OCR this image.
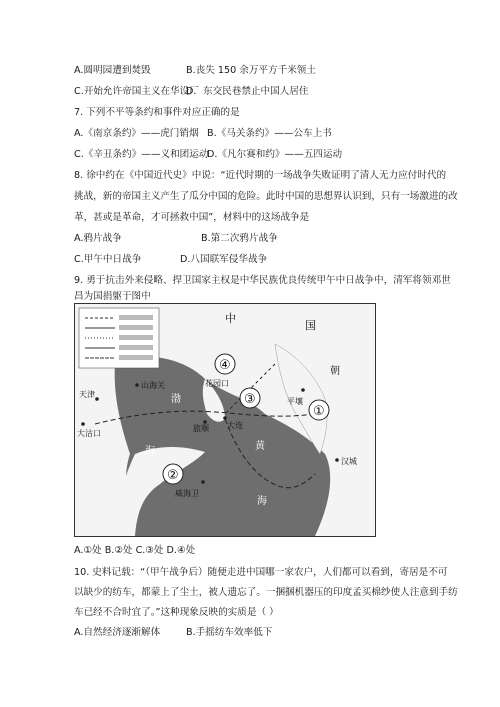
A.圆明园遭到焚毁	B.丧失 150 余万平方千米领土
C.开始允许帝国主义在华设厂
D．东交民巷禁止中国人居住
7. 下列不平等条约和事件对应正确的是
A.《南京条约》——虎门销烟 B.《马关条约》——公车上书
C.《辛丑条约》——义和团运动
D.《凡尔赛和约》——五四运动
8. 徐中约在《中国近代史》中说：“近代时期的一场战争失败证明了清人无力应付时代的
挑战，新的帝国主义产生了瓜分中国的危险。此时中国的思想界认识到，只有一场激进的改
革，甚或是革命，才可拯救中国”，材料中的这场战争是
A.鸦片战争	B.第二次鸦片战争
C.甲午中日战争	D.八国联军侵华战争
9. 勇于抗击外来侵略、捍卫国家主权是中华民族优良传统甲午中日战争中，清军将领邓世
昌为国捐躯于图中
中
国
朝
山海关
天津
大沽口
旅顺 大连
花园口
平壤
威海卫
汉城
渤
海	黄
海
①
②
③
④
A.①处 B.②处 C.③处 D.④处
10. 史料记载：“（甲午战争后）随便走进中国哪一家农户，人们都可以看到，寄居是不可
以缺少的纺车，都蒙上了尘土，被人遗忘了。一捆捆机器压的印度孟买棉纱使人注意到手纺
车已经不合时宜了。”这种现象反映的实质是（ ）
A.自然经济逐渐解体	B.手摇纺车效率低下
